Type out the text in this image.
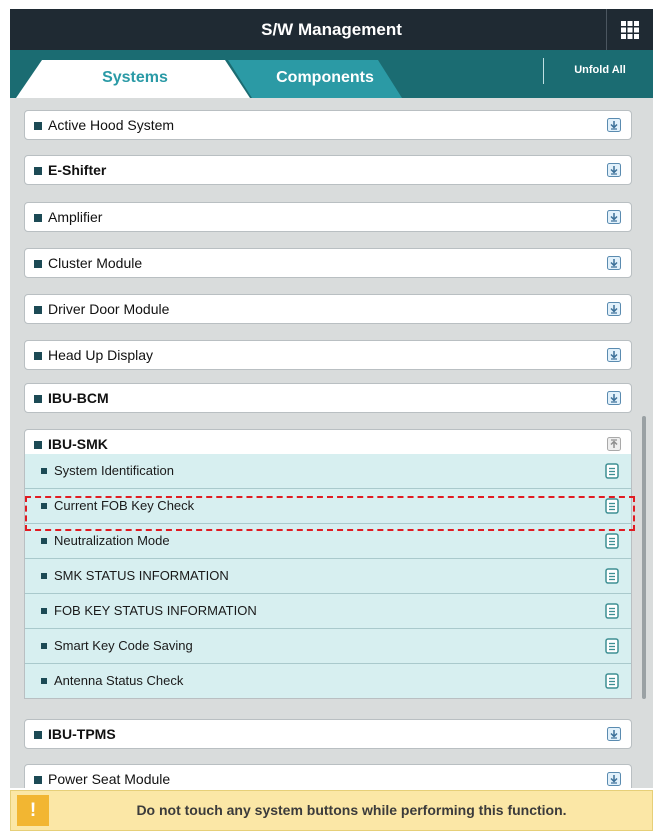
S/W Management
Systems	Components	Unfold All
Active Hood System
E-Shifter
Amplifier
Cluster Module
Driver Door Module
Head Up Display
IBU-BCM
IBU-SMK
System Identification
Current FOB Key Check
Neutralization Mode
SMK STATUS INFORMATION
FOB KEY STATUS INFORMATION
Smart Key Code Saving
Antenna Status Check
IBU-TPMS
Power Seat Module
!	Do not touch any system buttons while performing this function.
